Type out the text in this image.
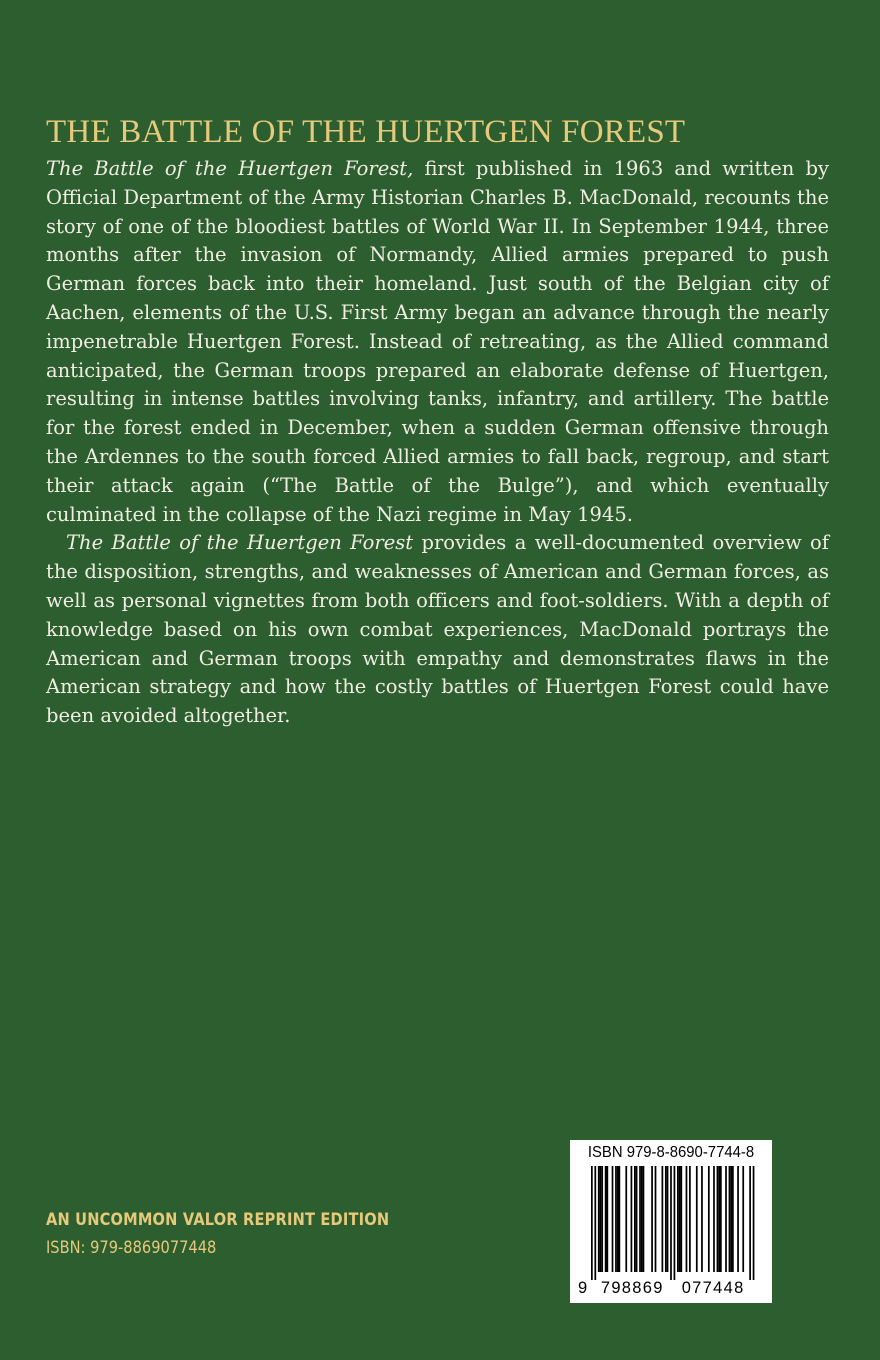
THE BATTLE OF THE HUERTGEN FOREST

The Battle of the Huertgen Forest, first published in 1963 and written by Official Department of the Army Historian Charles B. MacDonald, recounts the story of one of the bloodiest battles of World War II. In September 1944, three months after the invasion of Normandy, Allied armies prepared to push German forces back into their homeland. Just south of the Belgian city of Aachen, elements of the U.S. First Army began an advance through the nearly impenetrable Huertgen Forest. Instead of retreating, as the Allied command anticipated, the German troops prepared an elaborate defense of Huertgen, resulting in intense battles involving tanks, infantry, and artillery. The battle for the forest ended in December, when a sudden German offensive through the Ardennes to the south forced Allied armies to fall back, regroup, and start their attack again (“The Battle of the Bulge”), and which eventually culminated in the collapse of the Nazi regime in May 1945.

The Battle of the Huertgen Forest provides a well-documented overview of the disposition, strengths, and weaknesses of American and German forces, as well as personal vignettes from both officers and foot-soldiers. With a depth of knowledge based on his own combat experiences, MacDonald portrays the American and German troops with empathy and demonstrates flaws in the American strategy and how the costly battles of Huertgen Forest could have been avoided altogether.

AN UNCOMMON VALOR REPRINT EDITION
ISBN: 979-8869077448
ISBN 979-8-8690-7744-8
9 798869 077448
